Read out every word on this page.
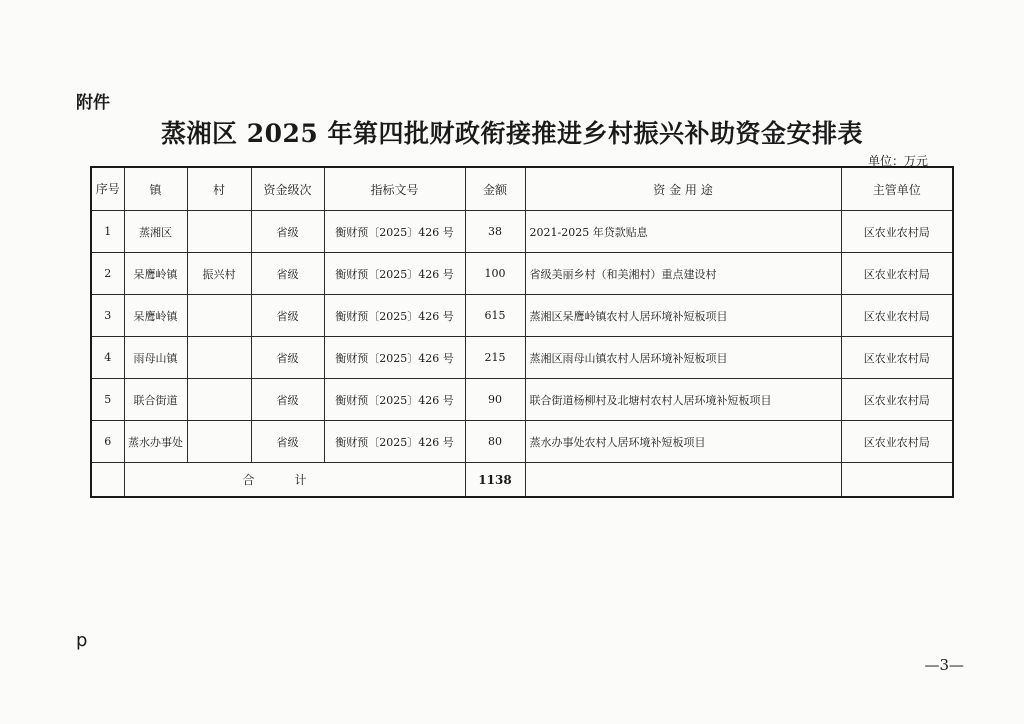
附件
蒸湘区 2025 年第四批财政衔接推进乡村振兴补助资金安排表
单位：万元
序号	镇	村	资金级次	指标文号	金额	资 金 用 途	主管单位
1	蒸湘区		省级	衡财预〔2025〕426 号	38	2021-2025 年贷款贴息	区农业农村局
2	呆鹰岭镇	振兴村	省级	衡财预〔2025〕426 号	100	省级美丽乡村（和美湘村）重点建设村	区农业农村局
3	呆鹰岭镇		省级	衡财预〔2025〕426 号	615	蒸湘区呆鹰岭镇农村人居环境补短板项目	区农业农村局
4	雨母山镇		省级	衡财预〔2025〕426 号	215	蒸湘区雨母山镇农村人居环境补短板项目	区农业农村局
5	联合街道		省级	衡财预〔2025〕426 号	90	联合街道杨柳村及北塘村农村人居环境补短板项目	区农业农村局
6	蒸水办事处		省级	衡财预〔2025〕426 号	80	蒸水办事处农村人居环境补短板项目	区农业农村局
	合计				1138		
p
—3—
